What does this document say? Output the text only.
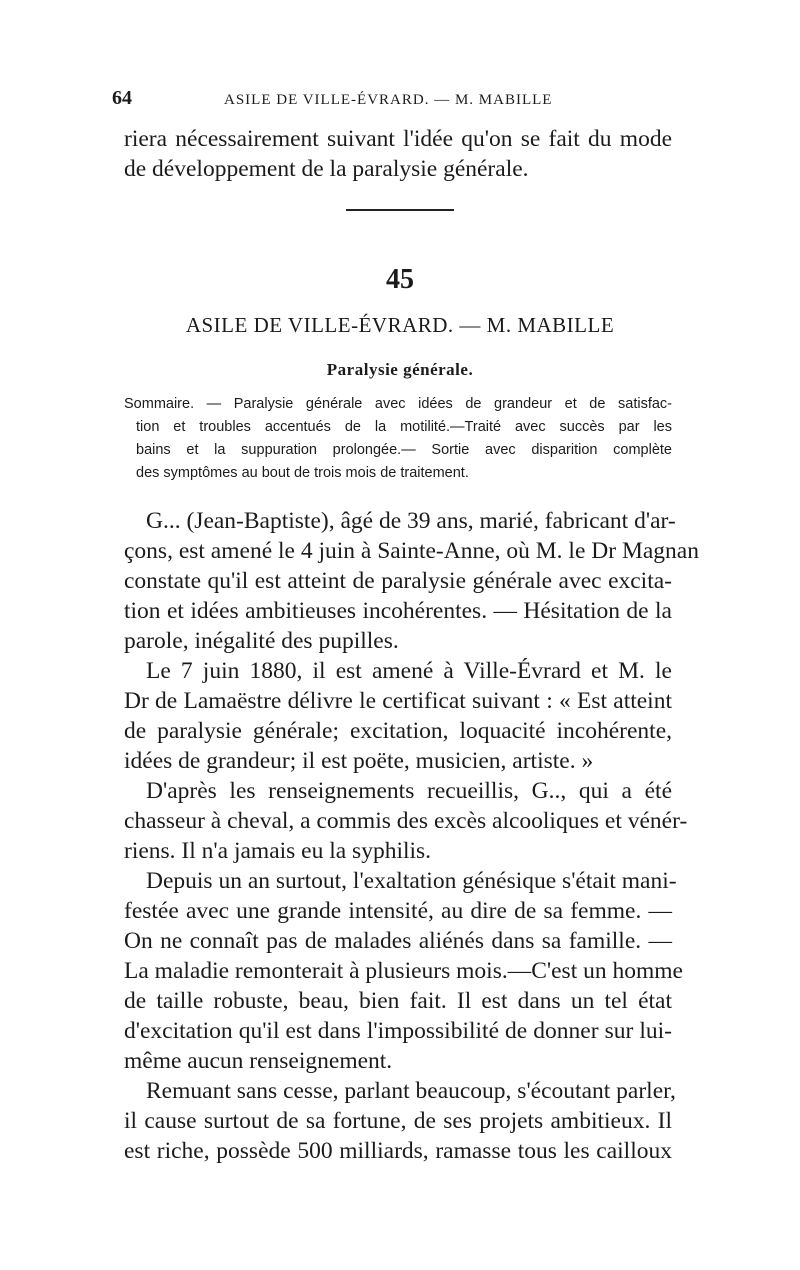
64	ASILE DE VILLE-ÉVRARD. — M. MABILLE
riera nécessairement suivant l'idée qu'on se fait du mode
de développement de la paralysie générale.
45
ASILE DE VILLE-ÉVRARD. — M. MABILLE
Paralysie générale.
Sommaire. — Paralysie générale avec idées de grandeur et de satisfac-
tion et troubles accentués de la motilité.—Traité avec succès par les
bains et la suppuration prolongée.— Sortie avec disparition complète
des symptômes au bout de trois mois de traitement.
G... (Jean-Baptiste), âgé de 39 ans, marié, fabricant d'ar-
çons, est amené le 4 juin à Sainte-Anne, où M. le Dr Magnan
constate qu'il est atteint de paralysie générale avec excita-
tion et idées ambitieuses incohérentes. — Hésitation de la
parole, inégalité des pupilles.
Le 7 juin 1880, il est amené à Ville-Évrard et M. le
Dr de Lamaëstre délivre le certificat suivant : « Est atteint
de paralysie générale; excitation, loquacité incohérente,
idées de grandeur; il est poëte, musicien, artiste. »
D'après les renseignements recueillis, G.., qui a été
chasseur à cheval, a commis des excès alcooliques et vénér-
riens. Il n'a jamais eu la syphilis.
Depuis un an surtout, l'exaltation génésique s'était mani-
festée avec une grande intensité, au dire de sa femme. —
On ne connaît pas de malades aliénés dans sa famille. —
La maladie remonterait à plusieurs mois.—C'est un homme
de taille robuste, beau, bien fait. Il est dans un tel état
d'excitation qu'il est dans l'impossibilité de donner sur lui-
même aucun renseignement.
Remuant sans cesse, parlant beaucoup, s'écoutant parler,
il cause surtout de sa fortune, de ses projets ambitieux. Il
est riche, possède 500 milliards, ramasse tous les cailloux
